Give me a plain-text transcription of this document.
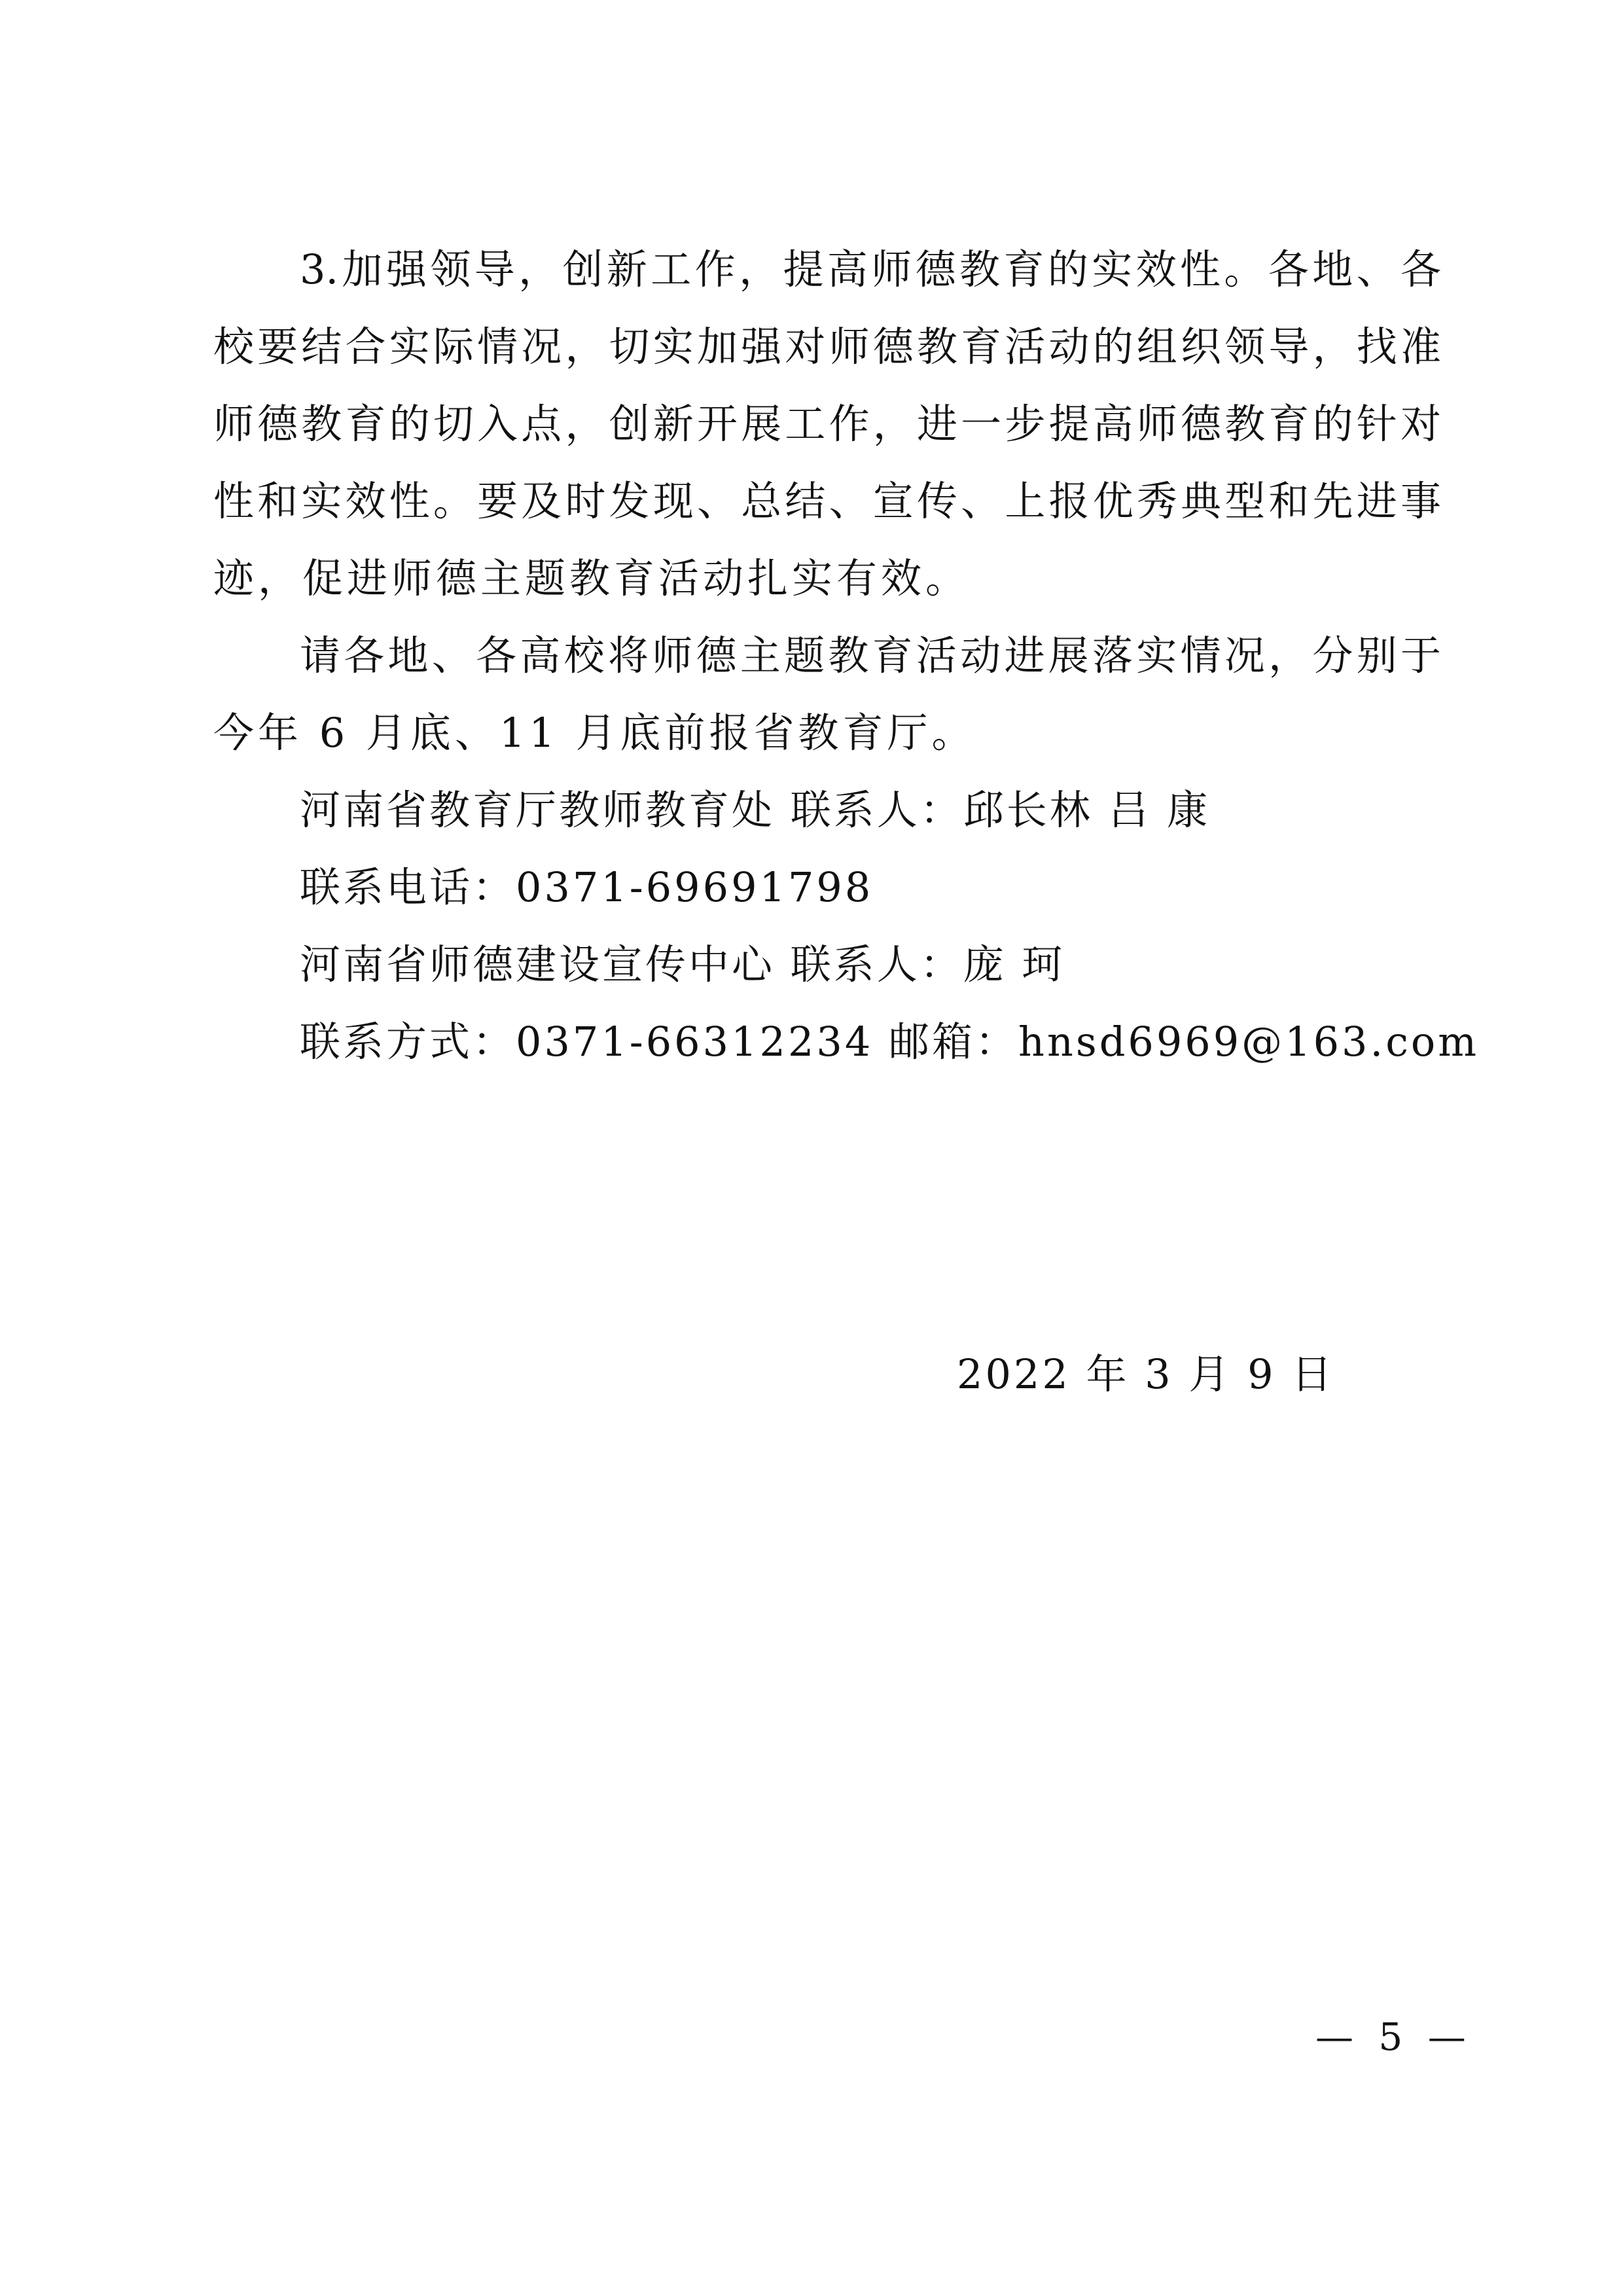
3.加强领导，创新工作，提高师德教育的实效性。各地、各

校要结合实际情况，切实加强对师德教育活动的组织领导，找准

师德教育的切入点，创新开展工作，进一步提高师德教育的针对

性和实效性。要及时发现、总结、宣传、上报优秀典型和先进事

迹，促进师德主题教育活动扎实有效。

请各地、各高校将师德主题教育活动进展落实情况，分别于

今年 6 月底、11 月底前报省教育厅。

河南省教育厅教师教育处 联系人：邱长林 吕 康

联系电话：0371-69691798

河南省师德建设宣传中心 联系人：庞 珂

联系方式：0371-66312234 邮箱：hnsd6969@163.com

2022 年 3 月 9 日
— 5 —
